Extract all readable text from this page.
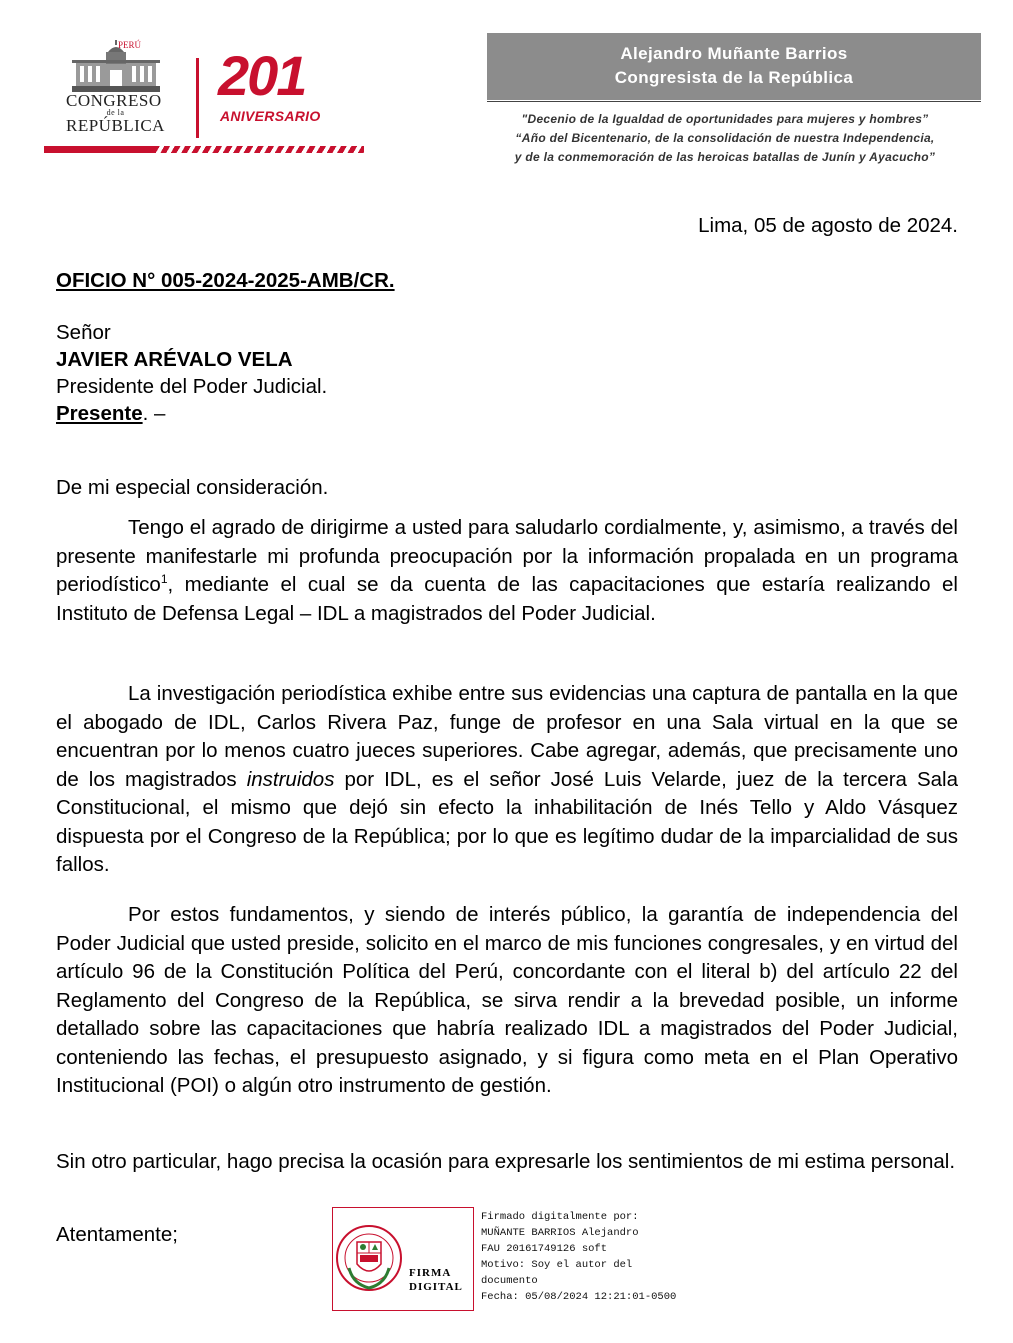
PERÚ
CONGRESO
de la
REPÚBLICA
201
ANIVERSARIO
Alejandro Muñante Barrios
Congresista de la República
"Decenio de la Igualdad de oportunidades para mujeres y hombres”
“Año del Bicentenario, de la consolidación de nuestra Independencia,
y de la conmemoración de las heroicas batallas de Junín y Ayacucho”
Lima, 05 de agosto de 2024.
OFICIO N° 005-2024-2025-AMB/CR.
Señor
JAVIER ARÉVALO VELA
Presidente del Poder Judicial.
Presente. –
De mi especial consideración.
Tengo el agrado de dirigirme a usted para saludarlo cordialmente, y, asimismo, a través del presente manifestarle mi profunda preocupación por la información propalada en un programa periodístico$^1$, mediante el cual se da cuenta de las capacitaciones que estaría realizando el Instituto de Defensa Legal – IDL a magistrados del Poder Judicial.
La investigación periodística exhibe entre sus evidencias una captura de pantalla en la que el abogado de IDL, Carlos Rivera Paz, funge de profesor en una Sala virtual en la que se encuentran por lo menos cuatro jueces superiores. Cabe agregar, además, que precisamente uno de los magistrados instruidos por IDL, es el señor José Luis Velarde, juez de la tercera Sala Constitucional, el mismo que dejó sin efecto la inhabilitación de Inés Tello y Aldo Vásquez dispuesta por el Congreso de la República; por lo que es legítimo dudar de la imparcialidad de sus fallos.
Por estos fundamentos, y siendo de interés público, la garantía de independencia del Poder Judicial que usted preside, solicito en el marco de mis funciones congresales, y en virtud del artículo 96 de la Constitución Política del Perú, concordante con el literal b) del artículo 22 del Reglamento del Congreso de la República, se sirva rendir a la brevedad posible, un informe detallado sobre las capacitaciones que habría realizado IDL a magistrados del Poder Judicial, conteniendo las fechas, el presupuesto asignado, y si figura como meta en el Plan Operativo Institucional (POI) o algún otro instrumento de gestión.
Sin otro particular, hago precisa la ocasión para expresarle los sentimientos de mi estima personal.
Atentamente;
FIRMA
DIGITAL
Firmado digitalmente por:
MUÑANTE BARRIOS Alejandro
FAU 20161749126 soft
Motivo: Soy el autor del
documento
Fecha: 05/08/2024 12:21:01-0500
